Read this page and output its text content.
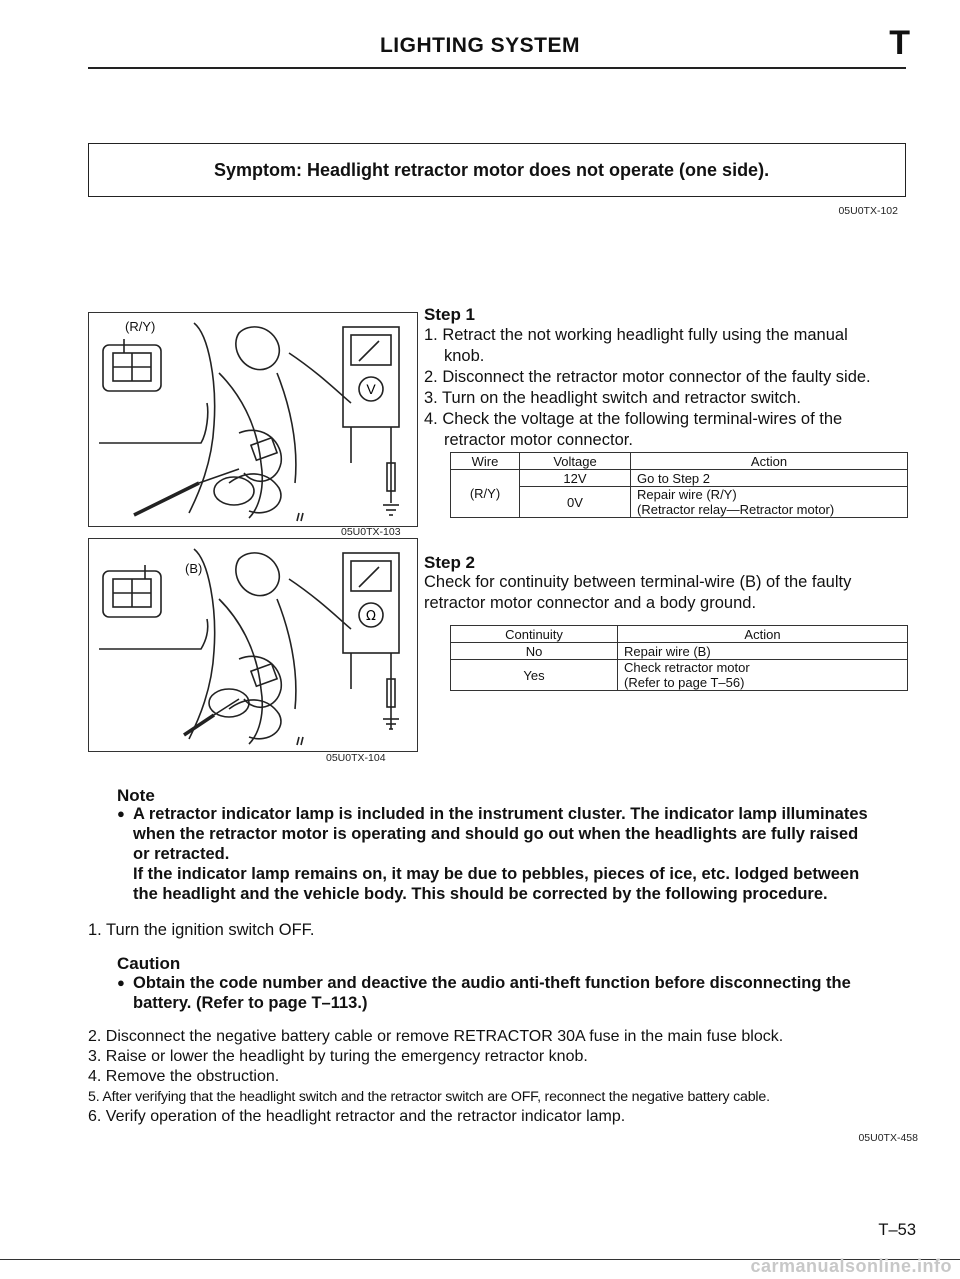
LIGHTING SYSTEM	T
Symptom: Headlight retractor motor does not operate (one side).
05U0TX-102
V
(R/Y)
05U0TX-103
Ω
(B)
05U0TX-104
Step 1
1. Retract the not working headlight fully using the manual
knob.
2. Disconnect the retractor motor connector of the faulty side.
3. Turn on the headlight switch and retractor switch.
4. Check the voltage at the following terminal-wires of the
retractor motor connector.
Wire	Voltage	Action
(R/Y)	12V	Go to Step 2
	0V	Repair wire (R/Y)
(Retractor relay—Retractor motor)
Step 2
Check for continuity between terminal-wire (B) of the faulty
retractor motor connector and a body ground.
Continuity	Action
No	Repair wire (B)
Yes	Check retractor motor
(Refer to page T–56)
Note
● A retractor indicator lamp is included in the instrument cluster. The indicator lamp illuminates
when the retractor motor is operating and should go out when the headlights are fully raised
or retracted.
If the indicator lamp remains on, it may be due to pebbles, pieces of ice, etc. lodged between
the headlight and the vehicle body. This should be corrected by the following procedure.
1. Turn the ignition switch OFF.
Caution
● Obtain the code number and deactive the audio anti-theft function before disconnecting the
battery. (Refer to page T–113.)
2. Disconnect the negative battery cable or remove RETRACTOR 30A fuse in the main fuse block.
3. Raise or lower the headlight by turing the emergency retractor knob.
4. Remove the obstruction.
5. After verifying that the headlight switch and the retractor switch are OFF, reconnect the negative battery cable.
6. Verify operation of the headlight retractor and the retractor indicator lamp.
05U0TX-458
T–53
carmanualsonline.info
